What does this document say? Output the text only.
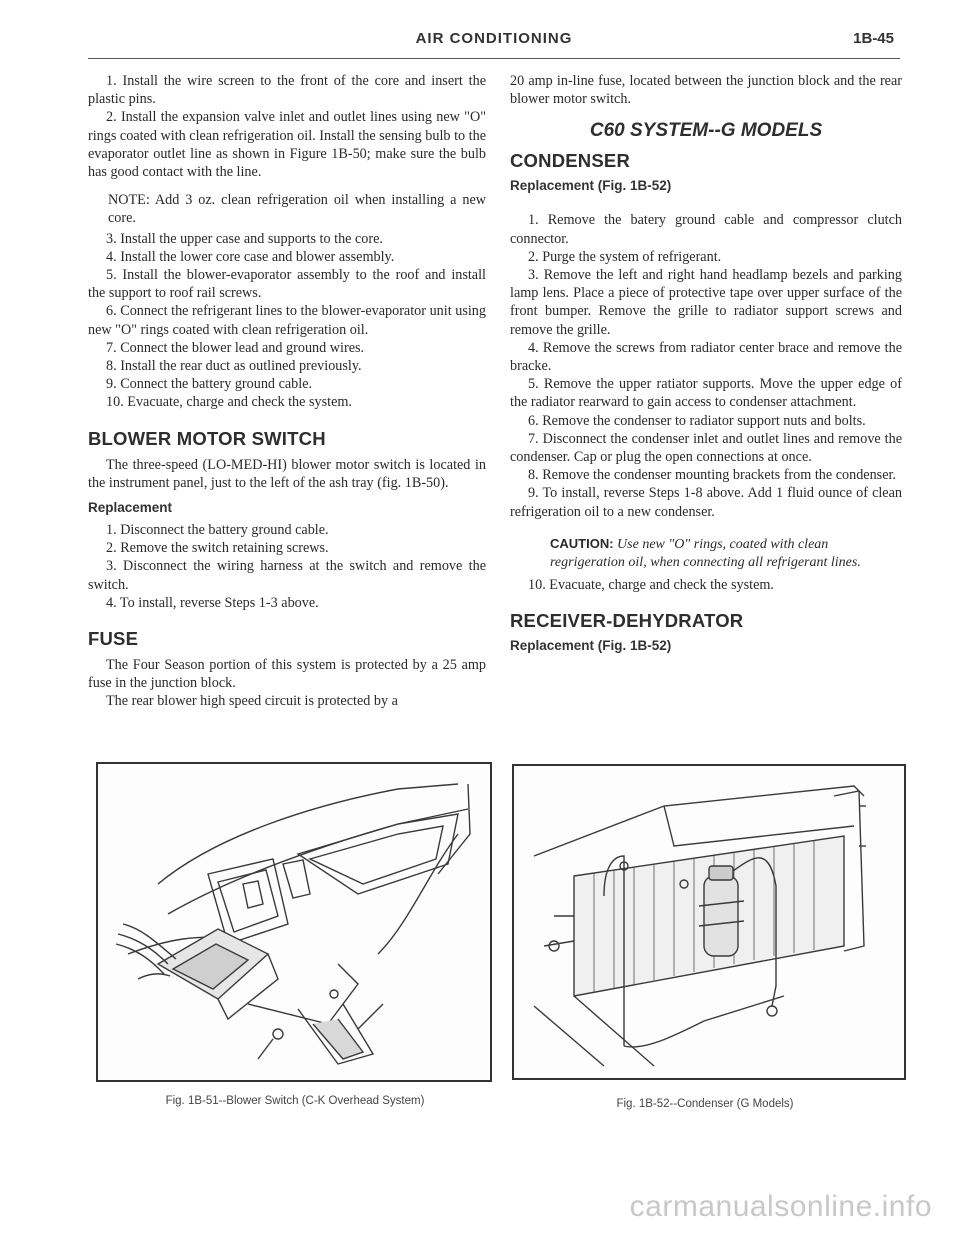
AIR CONDITIONING	1B-45

1. Install the wire screen to the front of the core and insert the plastic pins.

2. Install the expansion valve inlet and outlet lines using new "O" rings coated with clean refrigeration oil. Install the sensing bulb to the evaporator outlet line as shown in Figure 1B-50; make sure the bulb has good contact with the line.

NOTE: Add 3 oz. clean refrigeration oil when installing a new core.

3. Install the upper case and supports to the core.

4. Install the lower core case and blower assembly.

5. Install the blower-evaporator assembly to the roof and install the support to roof rail screws.

6. Connect the refrigerant lines to the blower-evaporator unit using new "O" rings coated with clean refrigeration oil.

7. Connect the blower lead and ground wires.

8. Install the rear duct as outlined previously.

9. Connect the battery ground cable.

10. Evacuate, charge and check the system.

BLOWER MOTOR SWITCH

The three-speed (LO-MED-HI) blower motor switch is located in the instrument panel, just to the left of the ash tray (fig. 1B-50).

Replacement

1. Disconnect the battery ground cable.

2. Remove the switch retaining screws.

3. Disconnect the wiring harness at the switch and remove the switch.

4. To install, reverse Steps 1-3 above.

FUSE

The Four Season portion of this system is protected by a 25 amp fuse in the junction block.

The rear blower high speed circuit is protected by a

20 amp in-line fuse, located between the junction block and the rear blower motor switch.

C60 SYSTEM--G MODELS
CONDENSER
Replacement (Fig. 1B-52)

1. Remove the batery ground cable and compressor clutch connector.

2. Purge the system of refrigerant.

3. Remove the left and right hand headlamp bezels and parking lamp lens. Place a piece of protective tape over upper surface of the front bumper. Remove the grille to radiator support screws and remove the grille.

4. Remove the screws from radiator center brace and remove the bracke.

5. Remove the upper ratiator supports. Move the upper edge of the radiator rearward to gain access to condenser attachment.

6. Remove the condenser to radiator support nuts and bolts.

7. Disconnect the condenser inlet and outlet lines and remove the condenser. Cap or plug the open connections at once.

8. Remove the condenser mounting brackets from the condenser.

9. To install, reverse Steps 1-8 above. Add 1 fluid ounce of clean refrigeration oil to a new condenser.

CAUTION: Use new "O" rings, coated with clean regrigeration oil, when connecting all refrigerant lines.

10. Evacuate, charge and check the system.

RECEIVER-DEHYDRATOR
Replacement (Fig. 1B-52)
Fig. 1B-51--Blower Switch (C-K Overhead System)	Fig. 1B-52--Condenser (G Models)
carmanualsonline.info
